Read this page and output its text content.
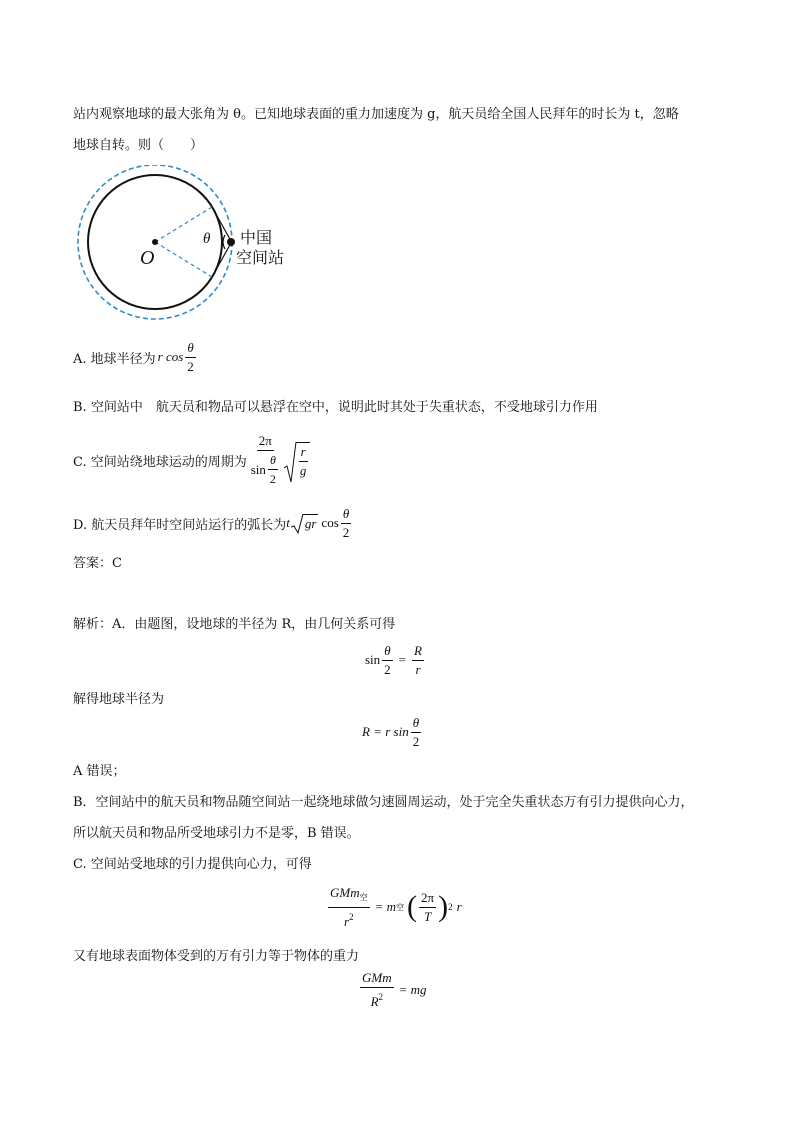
站内观察地球的最大张角为 θ。已知地球表面的重力加速度为 g，航天员给全国人民拜年的时长为 t，忽略
地球自转。则（　　）
O
θ 中国
空间站
A. 地球半径为 r $\cos \frac{\theta}{2}$
B. 空间站中　航天员和物品可以悬浮在空中，说明此时其处于失重状态，不受地球引力作用
C. 空间站绕地球运动的周期为 $\frac{2\pi}{\sin \frac{\theta}{2}} \frac{r}{g}$
D. 航天员拜年时空间站运行的弧长为 t	gr $\cos \frac{\theta}{2}$
答案：C
解析：A．由题图，设地球的半径为 R，由几何关系可得
$\sin \frac{\theta}{2} = \frac{R}{r}$
解得地球半径为
R = r $\sin \frac{\theta}{2}$
A 错误；
B．空间站中的航天员和物品随空间站一起绕地球做匀速圆周运动，处于完全失重状态万有引力提供向心力，
所以航天员和物品所受地球引力不是零，B 错误。
C. 空间站受地球的引力提供向心力，可得
$\frac{GMm_空}{r^2} = m$ 空 ( $\frac{2\pi}{T}$ ) 2 r
又有地球表面物体受到的万有引力等于物体的重力
$\frac{\text{GMm}}{R^2}$ = mg
